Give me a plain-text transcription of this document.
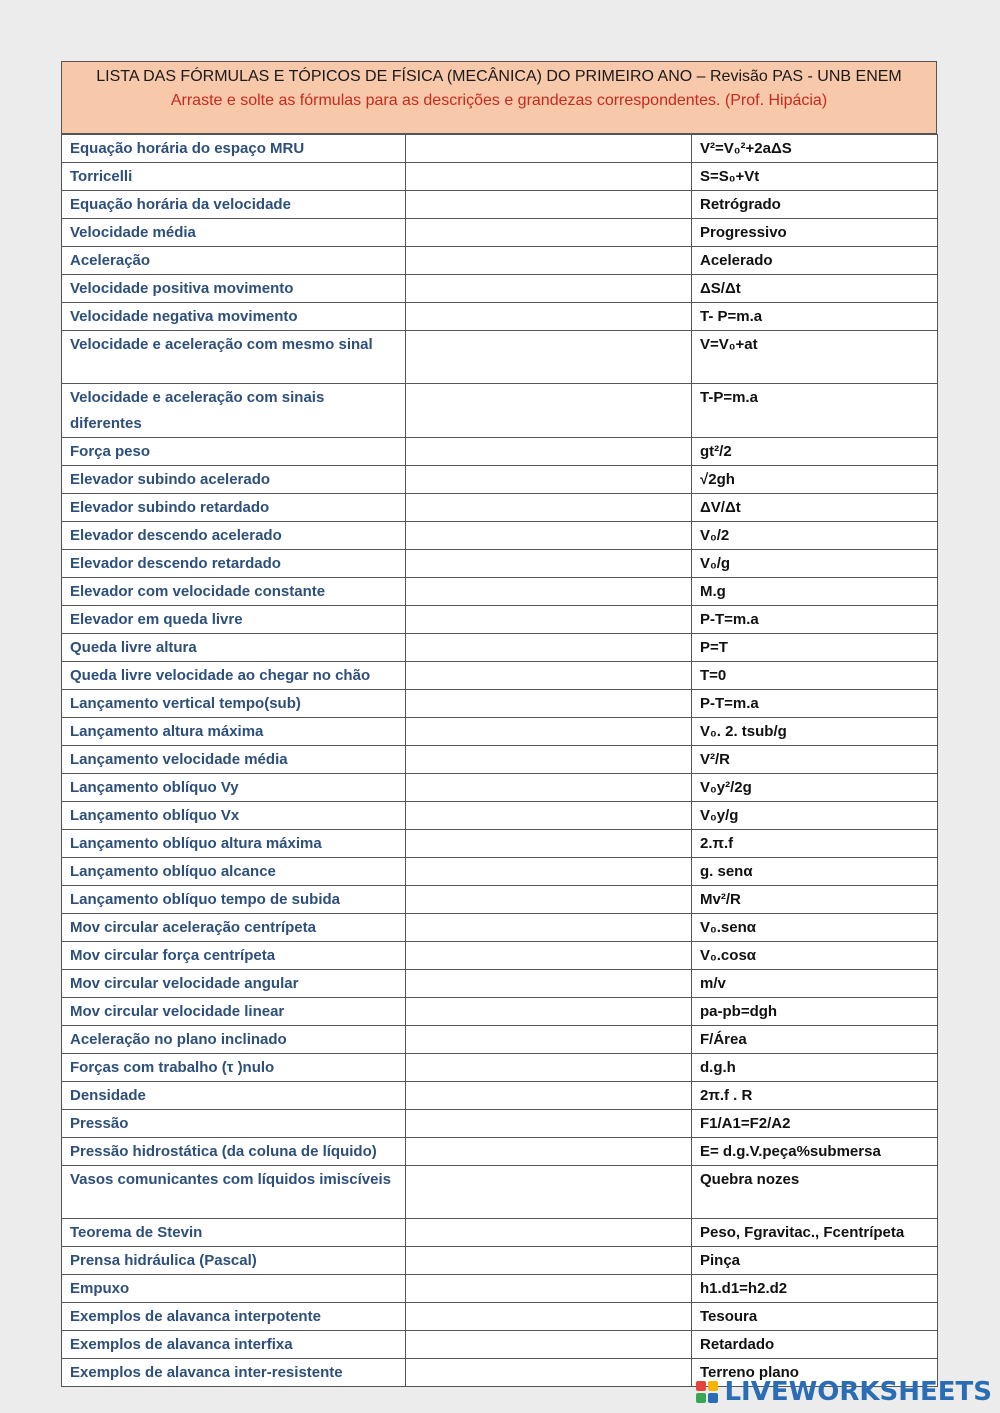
LISTA DAS FÓRMULAS E TÓPICOS DE FÍSICA (MECÂNICA) DO PRIMEIRO ANO – Revisão PAS - UNB ENEM
Arraste e solte as fórmulas para as descrições e grandezas correspondentes. (Prof. Hipácia)
Equação horária do espaço MRU		V²=V₀²+2aΔS
Torricelli		S=S₀+Vt
Equação horária da velocidade		Retrógrado
Velocidade média		Progressivo
Aceleração		Acelerado
Velocidade positiva movimento		ΔS/Δt
Velocidade negativa movimento		T- P=m.a
Velocidade e aceleração com mesmo sinal		V=V₀+at
Velocidade e aceleração com sinais diferentes		T-P=m.a
Força peso		gt²/2
Elevador subindo acelerado		√2gh
Elevador subindo retardado		ΔV/Δt
Elevador descendo acelerado		V₀/2
Elevador descendo retardado		V₀/g
Elevador com velocidade constante		M.g
Elevador em queda livre		P-T=m.a
Queda livre altura		P=T
Queda livre velocidade ao chegar no chão		T=0
Lançamento vertical tempo(sub)		P-T=m.a
Lançamento altura máxima		V₀. 2. tsub/g
Lançamento velocidade média		V²/R
Lançamento oblíquo Vy		V₀y²/2g
Lançamento oblíquo Vx		V₀y/g
Lançamento oblíquo altura máxima		2.π.f
Lançamento oblíquo alcance		g. senα
Lançamento oblíquo tempo de subida		Mv²/R
Mov circular aceleração centrípeta		V₀.senα
Mov circular força centrípeta		V₀.cosα
Mov circular velocidade angular		m/v
Mov circular velocidade linear		pa-pb=dgh
Aceleração no plano inclinado		F/Área
Forças com trabalho (τ )nulo		d.g.h
Densidade		2π.f . R
Pressão		F1/A1=F2/A2
Pressão hidrostática (da coluna de líquido)		E= d.g.V.peça%submersa
Vasos comunicantes com líquidos imiscíveis		Quebra nozes
Teorema de Stevin		Peso, Fgravitac., Fcentrípeta
Prensa hidráulica (Pascal)		Pinça
Empuxo		h1.d1=h2.d2
Exemplos de alavanca interpotente		Tesoura
Exemplos de alavanca interfixa		Retardado
Exemplos de alavanca inter-resistente		Terreno plano
LIVEWORKSHEETS
